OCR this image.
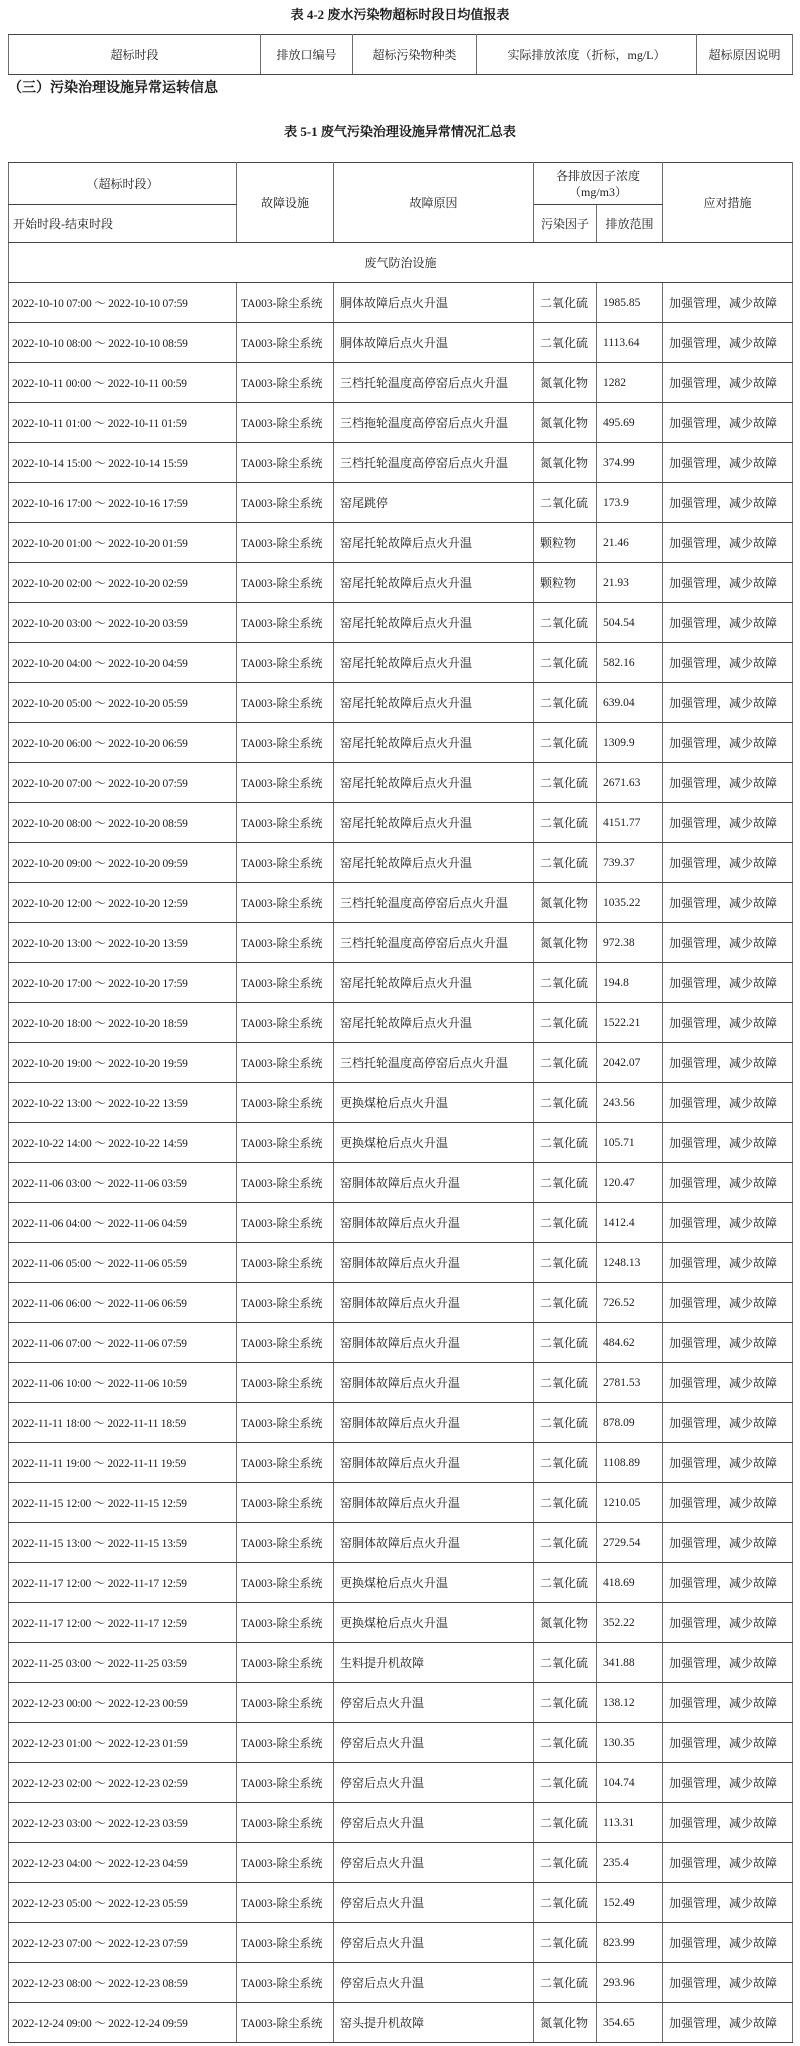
表 4-2 废水污染物超标时段日均值报表
超标时段	排放口编号	超标污染物种类	实际排放浓度（折标，mg/L）	超标原因说明
（三）污染治理设施异常运转信息
表 5-1 废气污染治理设施异常情况汇总表
（超标时段）	故障设施	故障原因	各排放因子浓度
（mg/m3）		应对措施
开始时段-结束时段			污染因子	排放范围	
废气防治设施					
2022-10-10 07:00 ～ 2022-10-10 07:59	TA003-除尘系统	胴体故障后点火升温	二氧化硫	1985.85	加强管理，减少故障
2022-10-10 08:00 ～ 2022-10-10 08:59	TA003-除尘系统	胴体故障后点火升温	二氧化硫	1113.64	加强管理，减少故障
2022-10-11 00:00 ～ 2022-10-11 00:59	TA003-除尘系统	三档托轮温度高停窑后点火升温	氮氧化物	1282	加强管理，减少故障
2022-10-11 01:00 ～ 2022-10-11 01:59	TA003-除尘系统	三档拖轮温度高停窑后点火升温	氮氧化物	495.69	加强管理，减少故障
2022-10-14 15:00 ～ 2022-10-14 15:59	TA003-除尘系统	三档托轮温度高停窑后点火升温	氮氧化物	374.99	加强管理，减少故障
2022-10-16 17:00 ～ 2022-10-16 17:59	TA003-除尘系统	窑尾跳停	二氧化硫	173.9	加强管理，减少故障
2022-10-20 01:00 ～ 2022-10-20 01:59	TA003-除尘系统	窑尾托轮故障后点火升温	颗粒物	21.46	加强管理，减少故障
2022-10-20 02:00 ～ 2022-10-20 02:59	TA003-除尘系统	窑尾托轮故障后点火升温	颗粒物	21.93	加强管理，减少故障
2022-10-20 03:00 ～ 2022-10-20 03:59	TA003-除尘系统	窑尾托轮故障后点火升温	二氧化硫	504.54	加强管理，减少故障
2022-10-20 04:00 ～ 2022-10-20 04:59	TA003-除尘系统	窑尾托轮故障后点火升温	二氧化硫	582.16	加强管理，减少故障
2022-10-20 05:00 ～ 2022-10-20 05:59	TA003-除尘系统	窑尾托轮故障后点火升温	二氧化硫	639.04	加强管理，减少故障
2022-10-20 06:00 ～ 2022-10-20 06:59	TA003-除尘系统	窑尾托轮故障后点火升温	二氧化硫	1309.9	加强管理，减少故障
2022-10-20 07:00 ～ 2022-10-20 07:59	TA003-除尘系统	窑尾托轮故障后点火升温	二氧化硫	2671.63	加强管理，减少故障
2022-10-20 08:00 ～ 2022-10-20 08:59	TA003-除尘系统	窑尾托轮故障后点火升温	二氧化硫	4151.77	加强管理，减少故障
2022-10-20 09:00 ～ 2022-10-20 09:59	TA003-除尘系统	窑尾托轮故障后点火升温	二氧化硫	739.37	加强管理，减少故障
2022-10-20 12:00 ～ 2022-10-20 12:59	TA003-除尘系统	三档托轮温度高停窑后点火升温	氮氧化物	1035.22	加强管理，减少故障
2022-10-20 13:00 ～ 2022-10-20 13:59	TA003-除尘系统	三档托轮温度高停窑后点火升温	氮氧化物	972.38	加强管理，减少故障
2022-10-20 17:00 ～ 2022-10-20 17:59	TA003-除尘系统	窑尾托轮故障后点火升温	二氧化硫	194.8	加强管理，减少故障
2022-10-20 18:00 ～ 2022-10-20 18:59	TA003-除尘系统	窑尾托轮故障后点火升温	二氧化硫	1522.21	加强管理，减少故障
2022-10-20 19:00 ～ 2022-10-20 19:59	TA003-除尘系统	三档托轮温度高停窑后点火升温	二氧化硫	2042.07	加强管理，减少故障
2022-10-22 13:00 ～ 2022-10-22 13:59	TA003-除尘系统	更换煤枪后点火升温	二氧化硫	243.56	加强管理，减少故障
2022-10-22 14:00 ～ 2022-10-22 14:59	TA003-除尘系统	更换煤枪后点火升温	二氧化硫	105.71	加强管理，减少故障
2022-11-06 03:00 ～ 2022-11-06 03:59	TA003-除尘系统	窑胴体故障后点火升温	二氧化硫	120.47	加强管理，减少故障
2022-11-06 04:00 ～ 2022-11-06 04:59	TA003-除尘系统	窑胴体故障后点火升温	二氧化硫	1412.4	加强管理，减少故障
2022-11-06 05:00 ～ 2022-11-06 05:59	TA003-除尘系统	窑胴体故障后点火升温	二氧化硫	1248.13	加强管理，减少故障
2022-11-06 06:00 ～ 2022-11-06 06:59	TA003-除尘系统	窑胴体故障后点火升温	二氧化硫	726.52	加强管理，减少故障
2022-11-06 07:00 ～ 2022-11-06 07:59	TA003-除尘系统	窑胴体故障后点火升温	二氧化硫	484.62	加强管理，减少故障
2022-11-06 10:00 ～ 2022-11-06 10:59	TA003-除尘系统	窑胴体故障后点火升温	二氧化硫	2781.53	加强管理，减少故障
2022-11-11 18:00 ～ 2022-11-11 18:59	TA003-除尘系统	窑胴体故障后点火升温	二氧化硫	878.09	加强管理，减少故障
2022-11-11 19:00 ～ 2022-11-11 19:59	TA003-除尘系统	窑胴体故障后点火升温	二氧化硫	1108.89	加强管理，减少故障
2022-11-15 12:00 ～ 2022-11-15 12:59	TA003-除尘系统	窑胴体故障后点火升温	二氧化硫	1210.05	加强管理，减少故障
2022-11-15 13:00 ～ 2022-11-15 13:59	TA003-除尘系统	窑胴体故障后点火升温	二氧化硫	2729.54	加强管理，减少故障
2022-11-17 12:00 ～ 2022-11-17 12:59	TA003-除尘系统	更换煤枪后点火升温	二氧化硫	418.69	加强管理，减少故障
2022-11-17 12:00 ～ 2022-11-17 12:59	TA003-除尘系统	更换煤枪后点火升温	氮氧化物	352.22	加强管理，减少故障
2022-11-25 03:00 ～ 2022-11-25 03:59	TA003-除尘系统	生料提升机故障	二氧化硫	341.88	加强管理，减少故障
2022-12-23 00:00 ～ 2022-12-23 00:59	TA003-除尘系统	停窑后点火升温	二氧化硫	138.12	加强管理，减少故障
2022-12-23 01:00 ～ 2022-12-23 01:59	TA003-除尘系统	停窑后点火升温	二氧化硫	130.35	加强管理，减少故障
2022-12-23 02:00 ～ 2022-12-23 02:59	TA003-除尘系统	停窑后点火升温	二氧化硫	104.74	加强管理，减少故障
2022-12-23 03:00 ～ 2022-12-23 03:59	TA003-除尘系统	停窑后点火升温	二氧化硫	113.31	加强管理，减少故障
2022-12-23 04:00 ～ 2022-12-23 04:59	TA003-除尘系统	停窑后点火升温	二氧化硫	235.4	加强管理，减少故障
2022-12-23 05:00 ～ 2022-12-23 05:59	TA003-除尘系统	停窑后点火升温	二氧化硫	152.49	加强管理，减少故障
2022-12-23 07:00 ～ 2022-12-23 07:59	TA003-除尘系统	停窑后点火升温	二氧化硫	823.99	加强管理，减少故障
2022-12-23 08:00 ～ 2022-12-23 08:59	TA003-除尘系统	停窑后点火升温	二氧化硫	293.96	加强管理，减少故障
2022-12-24 09:00 ～ 2022-12-24 09:59	TA003-除尘系统	窑头提升机故障	氮氧化物	354.65	加强管理，减少故障
